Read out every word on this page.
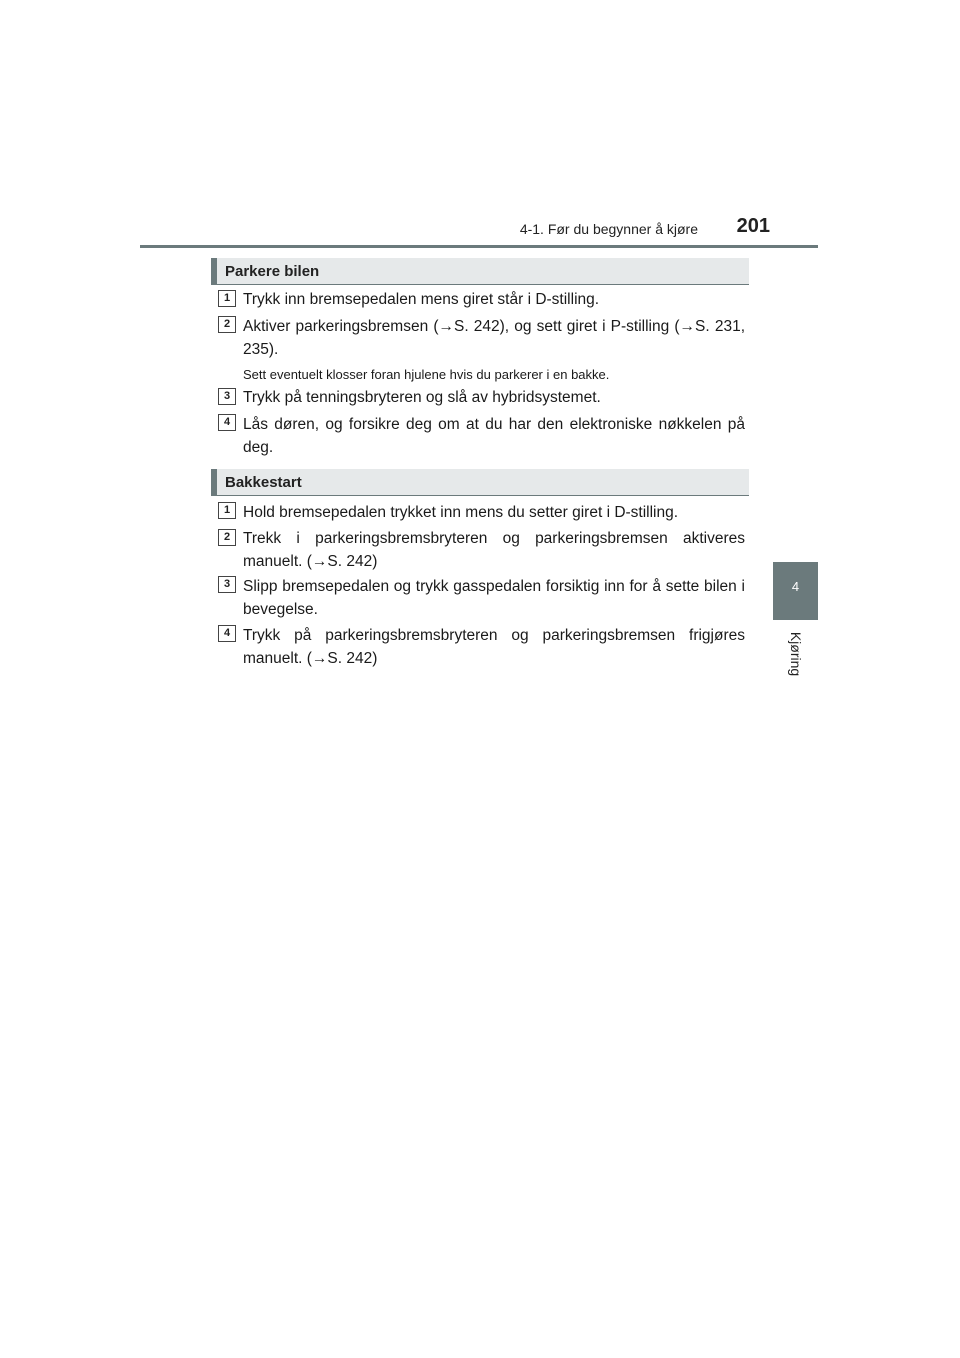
4-1. Før du begynner å kjøre 201
4
Kjøring
Parkere bilen
1 Trykk inn bremsepedalen mens giret står i D-stilling.
2 Aktiver parkeringsbremsen (→S. 242), og sett giret i P-stilling (→S. 231, 235).
Sett eventuelt klosser foran hjulene hvis du parkerer i en bakke.
3 Trykk på tenningsbryteren og slå av hybridsystemet.
4 Lås døren, og forsikre deg om at du har den elektroniske nøkkelen på deg.
Bakkestart
1 Hold bremsepedalen trykket inn mens du setter giret i D-stilling.
2 Trekk i parkeringsbremsbryteren og parkeringsbremsen aktiveres manuelt. (→S. 242)
3 Slipp bremsepedalen og trykk gasspedalen forsiktig inn for å sette bilen i bevegelse.
4 Trykk på parkeringsbremsbryteren og parkeringsbremsen frigjøres manuelt. (→S. 242)
